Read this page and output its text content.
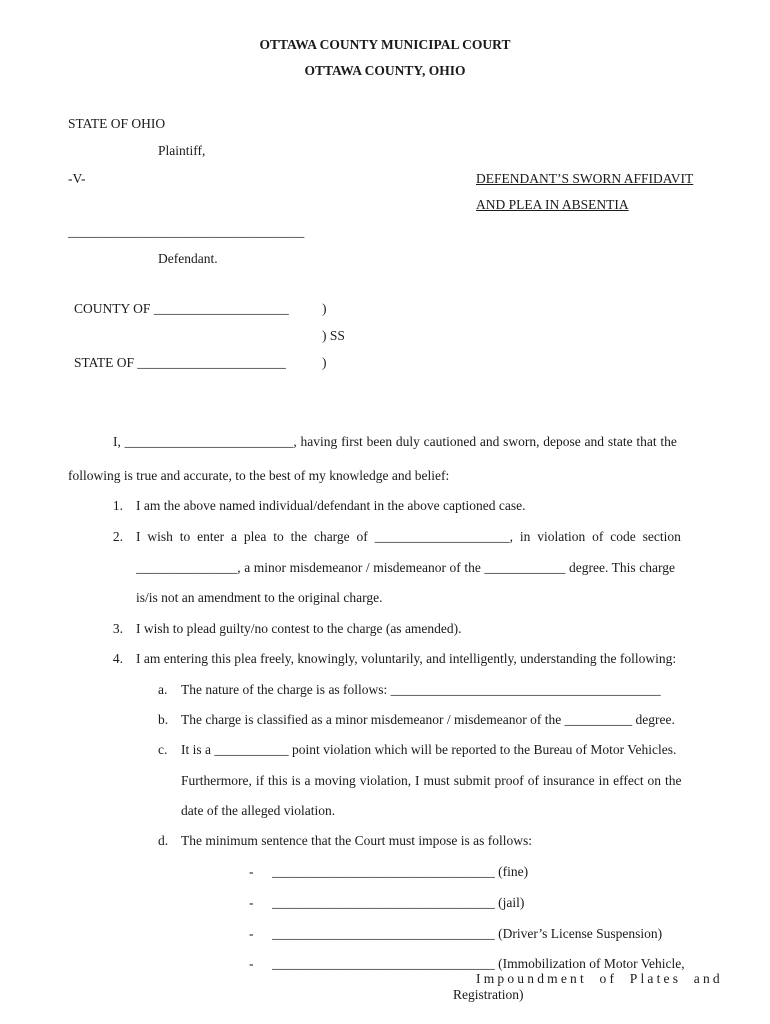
OTTAWA COUNTY MUNICIPAL COURT
OTTAWA COUNTY, OHIO
STATE OF OHIO
Plaintiff,
-V-	DEFENDANT’S SWORN AFFIDAVIT
AND PLEA IN ABSENTIA
___________________________________
Defendant.
COUNTY OF ____________________ )
) SS
STATE OF ______________________	)
I, _________________________, having first been duly cautioned and sworn, depose and state that the
following is true and accurate, to the best of my knowledge and belief:
1. I am the above named individual/defendant in the above captioned case.
2. I wish to enter a plea to the charge of ____________________, in violation of code section
_______________, a minor misdemeanor / misdemeanor of the ____________ degree. This charge
is/is not an amendment to the original charge.
3. I wish to plead guilty/no contest to the charge (as amended).
4. I am entering this plea freely, knowingly, voluntarily, and intelligently, understanding the following:
a. The nature of the charge is as follows: ________________________________________
b. The charge is classified as a minor misdemeanor / misdemeanor of the __________ degree.
c. It is a ___________ point violation which will be reported to the Bureau of Motor Vehicles.
Furthermore, if this is a moving violation, I must submit proof of insurance in effect on the
date of the alleged violation.
d. The minimum sentence that the Court must impose is as follows:
- _________________________________ (fine)
- _________________________________ (jail)
- _________________________________ (Driver’s License Suspension)
- _________________________________ (Immobilization of Motor Vehicle,
Impoundment of Plates and
Registration)
